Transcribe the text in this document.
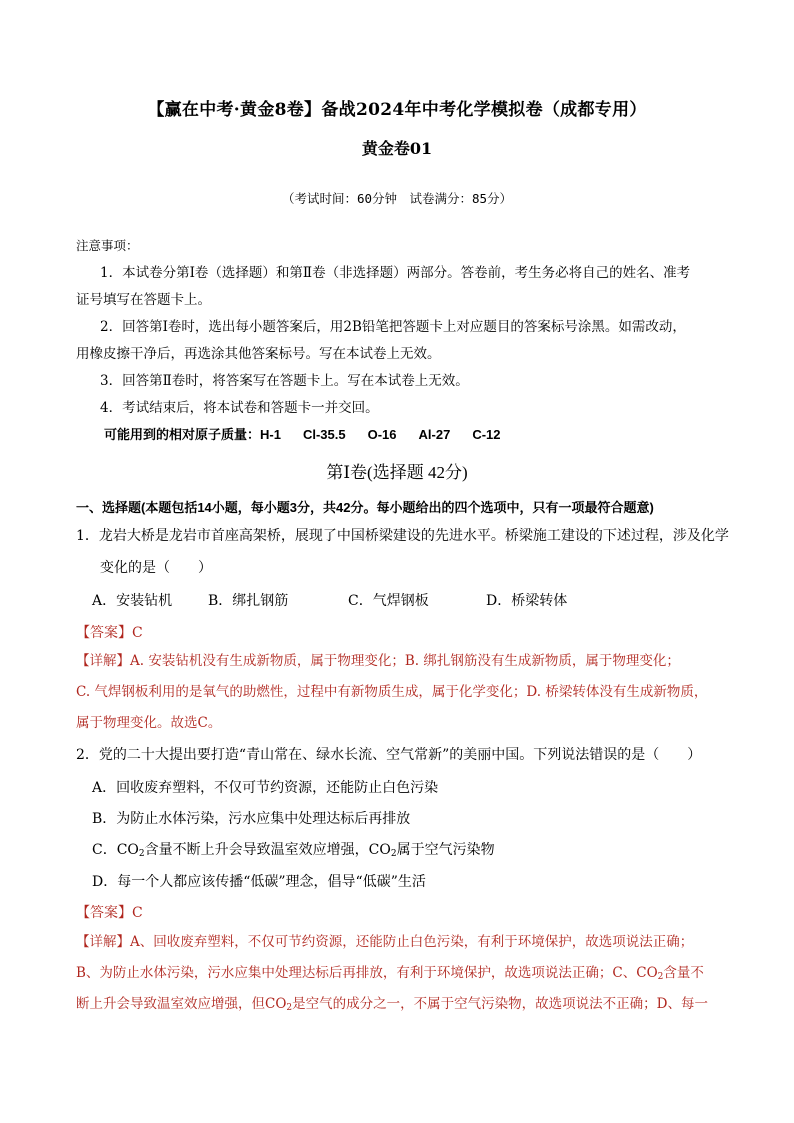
【赢在中考·黄金8卷】备战2024年中考化学模拟卷（成都专用）
黄金卷01
（考试时间：60分钟　试卷满分：85分）
注意事项：
1．本试卷分第Ⅰ卷（选择题）和第Ⅱ卷（非选择题）两部分。答卷前，考生务必将自己的姓名、准考
证号填写在答题卡上。
2．回答第Ⅰ卷时，选出每小题答案后，用2B铅笔把答题卡上对应题目的答案标号涂黑。如需改动，
用橡皮擦干净后，再选涂其他答案标号。写在本试卷上无效。
3．回答第Ⅱ卷时，将答案写在答题卡上。写在本试卷上无效。
4．考试结束后，将本试卷和答题卡一并交回。
可能用到的相对原子质量：H-1 Cl-35.5 O-16 Al-27 C-12
第Ⅰ卷(选择题 42分)
一、选择题(本题包括14小题，每小题3分，共42分。每小题给出的四个选项中，只有一项最符合题意)
1．龙岩大桥是龙岩市首座高架桥，展现了中国桥梁建设的先进水平。桥梁施工建设的下述过程，涉及化学
变化的是（　　）
A．安装钻机	B．绑扎钢筋	C．气焊钢板	D．桥梁转体
【答案】C
【详解】A. 安装钻机没有生成新物质，属于物理变化；B. 绑扎钢筋没有生成新物质，属于物理变化；
C. 气焊钢板利用的是氧气的助燃性，过程中有新物质生成，属于化学变化；D. 桥梁转体没有生成新物质，
属于物理变化。故选C。
2．党的二十大提出要打造“青山常在、绿水长流、空气常新”的美丽中国。下列说法错误的是（　　）
A．回收废弃塑料，不仅可节约资源，还能防止白色污染
B．为防止水体污染，污水应集中处理达标后再排放
C．$CO_2$含量不断上升会导致温室效应增强，$CO_2$属于空气污染物
D．每一个人都应该传播“低碳”理念，倡导“低碳”生活
【答案】C
【详解】A、回收废弃塑料，不仅可节约资源，还能防止白色污染，有利于环境保护，故选项说法正确；
B、为防止水体污染，污水应集中处理达标后再排放，有利于环境保护，故选项说法正确；C、$CO_2$含量不
断上升会导致温室效应增强，但$CO_2$是空气的成分之一，不属于空气污染物，故选项说法不正确；D、每一
